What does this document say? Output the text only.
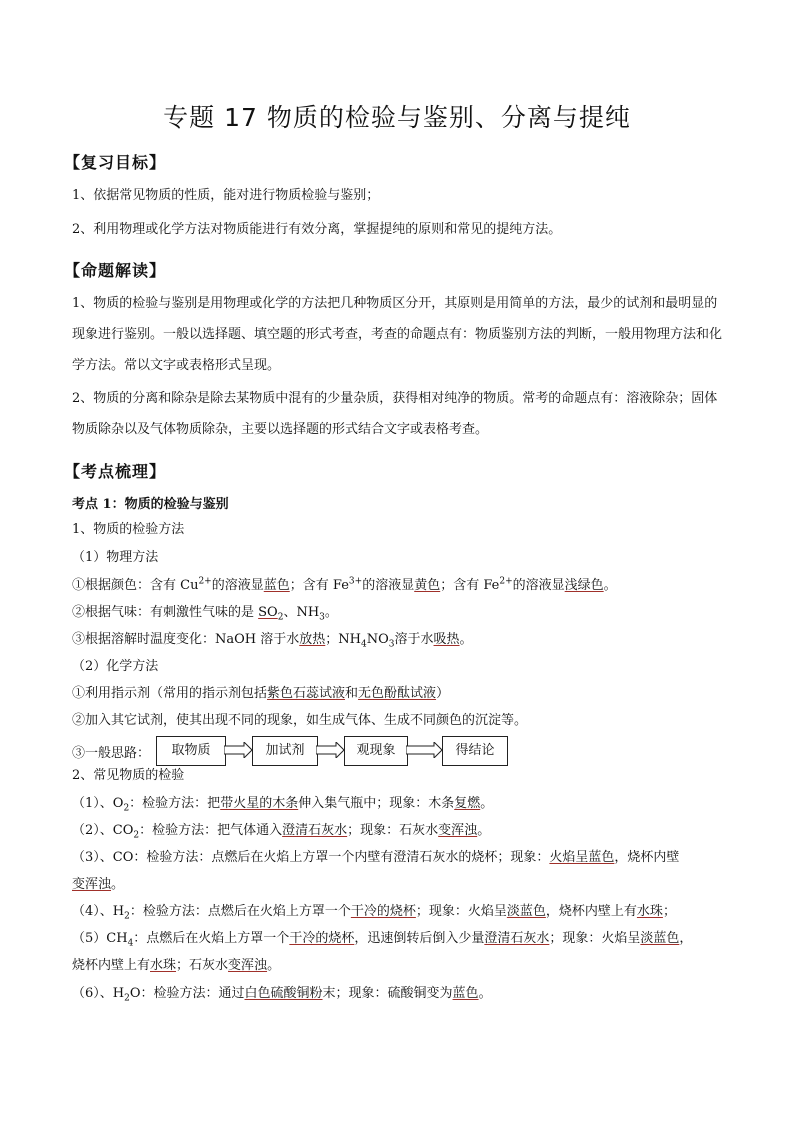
专题 17 物质的检验与鉴别、分离与提纯
【复习目标】
1、依据常见物质的性质，能对进行物质检验与鉴别；
2、利用物理或化学方法对物质能进行有效分离，掌握提纯的原则和常见的提纯方法。
【命题解读】
1、物质的检验与鉴别是用物理或化学的方法把几种物质区分开，其原则是用简单的方法，最少的试剂和最明显的现象进行鉴别。一般以选择题、填空题的形式考查，考查的命题点有：物质鉴别方法的判断，一般用物理方法和化学方法。常以文字或表格形式呈现。
2、物质的分离和除杂是除去某物质中混有的少量杂质，获得相对纯净的物质。常考的命题点有：溶液除杂；固体物质除杂以及气体物质除杂，主要以选择题的形式结合文字或表格考查。
【考点梳理】
考点 1：物质的检验与鉴别
1、物质的检验方法
（1）物理方法
①根据颜色：含有 $Cu^{2+}$的溶液显蓝色；含有 $Fe^{3+}$的溶液显黄色；含有 $Fe^{2+}$的溶液显浅绿色。
②根据气味：有刺激性气味的是 $SO_2$、$NH_3$。
③根据溶解时温度变化：NaOH 溶于水放热；$NH_4NO_3$溶于水吸热。
（2）化学方法
①利用指示剂（常用的指示剂包括紫色石蕊试液和无色酚酞试液）
②加入其它试剂，使其出现不同的现象，如生成气体、生成不同颜色的沉淀等。
③一般思路：	取物质	加试剂	观现象	得结论
2、常见物质的检验
（1）、$O_2$：检验方法：把带火星的木条伸入集气瓶中；现象：木条复燃。
（2）、$CO_2$：检验方法：把气体通入澄清石灰水；现象：石灰水变浑浊。
（3）、CO：检验方法：点燃后在火焰上方罩一个内壁有澄清石灰水的烧杯；现象：火焰呈蓝色，烧杯内壁
变浑浊。
（4）、$H_2$：检验方法：点燃后在火焰上方罩一个干冷的烧杯；现象：火焰呈淡蓝色，烧杯内壁上有水珠；
$(5)CH_4$：点燃后在火焰上方罩一个干冷的烧杯，迅速倒转后倒入少量澄清石灰水；现象：火焰呈淡蓝色，
烧杯内壁上有水珠；石灰水变浑浊。
（6）、$H_2O$：检验方法：通过白色硫酸铜粉末；现象：硫酸铜变为蓝色。
